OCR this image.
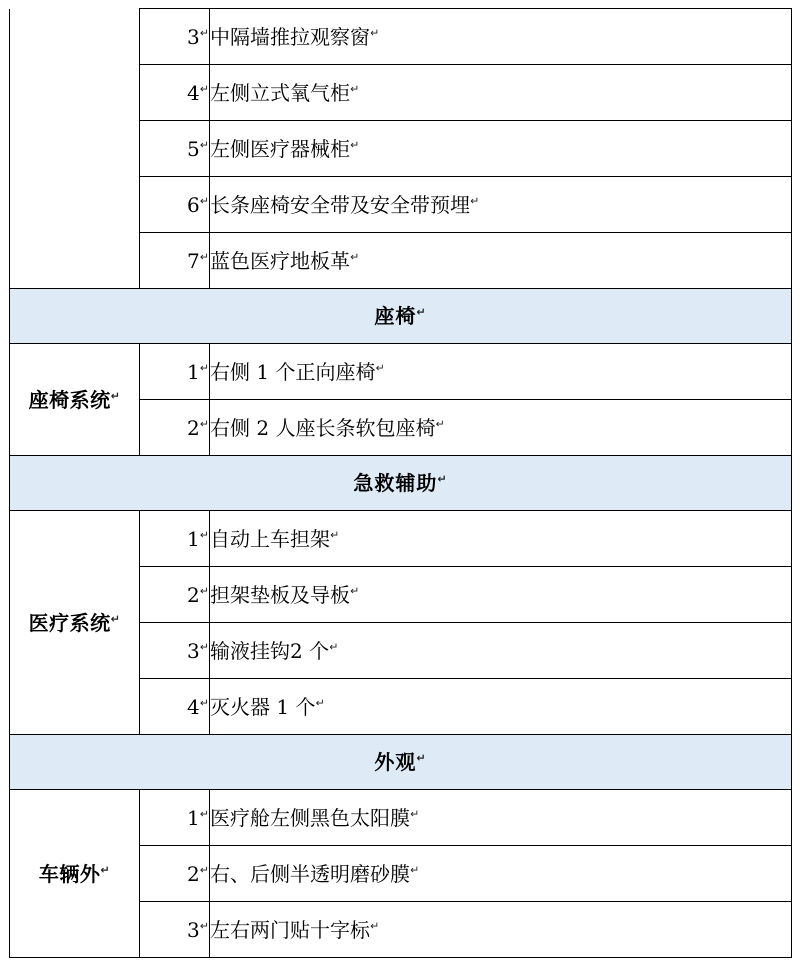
	3↵	中隔墙推拉观察窗↵
	4↵	左侧立式氧气柜↵
	5↵	左侧医疗器械柜↵
	6↵	长条座椅安全带及安全带预埋↵
	7↵	蓝色医疗地板革↵
座椅↵
座椅系统↵	1↵	右侧 1 个正向座椅↵
	2↵	右侧 2 人座长条软包座椅↵
急救辅助↵
医疗系统↵	1↵	自动上车担架↵
	2↵	担架垫板及导板↵
	3↵	输液挂钩2 个↵
	4↵	灭火器 1 个↵
外观↵
车辆外↵	1↵	医疗舱左侧黑色太阳膜↵
	2↵	右、后侧半透明磨砂膜↵
	3↵	左右两门贴十字标↵
